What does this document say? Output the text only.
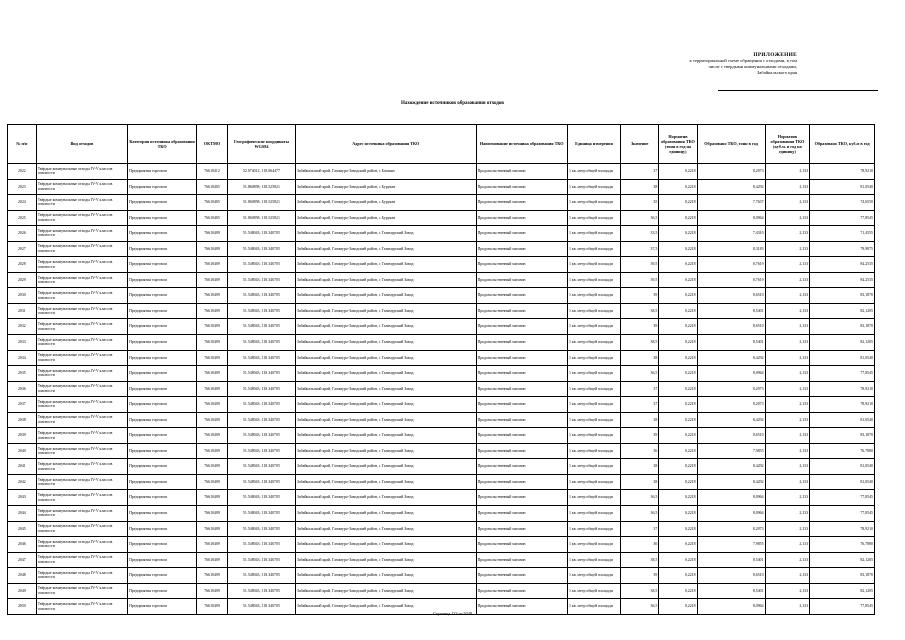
ПРИЛОЖЕНИЕ
к территориальной схеме обращения с отходами, в том
числе с твердыми коммунальными отходами,
Забайкальского края
Нахождение источников образования отходов
№ п/п	Вид отходов	Категория источника образования ТКО	ОКТМО	Географические координаты WGS84	Адрес источника образования ТКО	Наименование источника образования ТКО	Единица измерения	Значение	Норматив образования ТКО (тонн в год на единицу)	Образовано ТКО, тонн в год	Норматив образования ТКО (куб.м. в год на единицу)	Образовано ТКО, куб.м в год
2022	Твёрдые коммунальные отходы IV-V классов опасности	Предприятия торговли	76610412	52.074012; 118.064477	Забайкальский край, Газимуро-Заводский район, с Батакан	Продовольственный магазин	1 кв. метр общей площади	37	0,2218	8,2073	2,133	78,9210
2023	Твёрдые коммунальные отходы IV-V классов опасности	Предприятия торговли	76610405	51.860858; 118.525821	Забайкальский край, Газимуро-Заводский район, с Бурукан	Продовольственный магазин	1 кв. метр общей площади	38	0,2218	8,4292	2,133	81,0540
2024	Твёрдые коммунальные отходы IV-V классов опасности	Предприятия торговли	76610405	51.860858; 118.525821	Забайкальский край, Газимуро-Заводский район, с Бурукан	Продовольственный магазин	1 кв. метр общей площади	35	0,2218	7,7637	2,133	74,6550
2025	Твёрдые коммунальные отходы IV-V классов опасности	Предприятия торговли	76610405	51.860858; 118.525821	Забайкальский край, Газимуро-Заводский район, с Бурукан	Продовольственный магазин	1 кв. метр общей площади	36,5	0,2218	8,0964	2,133	77,8545
2026	Твёрдые коммунальные отходы IV-V классов опасности	Предприятия торговли	76610409	51.548043; 118.340705	Забайкальский край, Газимуро-Заводский район, с Газимурский Завод	Продовольственный магазин	1 кв. метр общей площади	33,5	0,2218	7,4310	2,133	71,4555
2027	Твёрдые коммунальные отходы IV-V классов опасности	Предприятия торговли	76610409	51.548043; 118.340705	Забайкальский край, Газимуро-Заводский район, с Газимурский Завод	Продовольственный магазин	1 кв. метр общей площади	37,5	0,2218	8,3183	2,133	79,9875
2028	Твёрдые коммунальные отходы IV-V классов опасности	Предприятия торговли	76610409	51.548043; 118.340705	Забайкальский край, Газимуро-Заводский район, с Газимурский Завод	Продовольственный магазин	1 кв. метр общей площади	39,5	0,2218	8,7619	2,133	84,2535
2029	Твёрдые коммунальные отходы IV-V классов опасности	Предприятия торговли	76610409	51.548043; 118.340705	Забайкальский край, Газимуро-Заводский район, с Газимурский Завод	Продовольственный магазин	1 кв. метр общей площади	39,5	0,2218	8,7619	2,133	84,2535
2030	Твёрдые коммунальные отходы IV-V классов опасности	Предприятия торговли	76610409	51.548043; 118.340705	Забайкальский край, Газимуро-Заводский район, с Газимурский Завод	Продовольственный магазин	1 кв. метр общей площади	39	0,2218	8,6510	2,133	83,1870
2031	Твёрдые коммунальные отходы IV-V классов опасности	Предприятия торговли	76610409	51.548043; 118.340705	Забайкальский край, Газимуро-Заводский район, с Газимурский Завод	Продовольственный магазин	1 кв. метр общей площади	38,5	0,2218	8,5401	2,133	82,1205
2032	Твёрдые коммунальные отходы IV-V классов опасности	Предприятия торговли	76610409	51.548043; 118.340705	Забайкальский край, Газимуро-Заводский район, с Газимурский Завод	Продовольственный магазин	1 кв. метр общей площади	39	0,2218	8,6510	2,133	83,1870
2033	Твёрдые коммунальные отходы IV-V классов опасности	Предприятия торговли	76610409	51.548043; 118.340705	Забайкальский край, Газимуро-Заводский район, с Газимурский Завод	Продовольственный магазин	1 кв. метр общей площади	38,5	0,2218	8,5401	2,133	82,1205
2034	Твёрдые коммунальные отходы IV-V классов опасности	Предприятия торговли	76610409	51.548043; 118.340705	Забайкальский край, Газимуро-Заводский район, с Газимурский Завод	Продовольственный магазин	1 кв. метр общей площади	38	0,2218	8,4292	2,133	81,0540
2035	Твёрдые коммунальные отходы IV-V классов опасности	Предприятия торговли	76610409	51.548043; 118.340705	Забайкальский край, Газимуро-Заводский район, с Газимурский Завод	Продовольственный магазин	1 кв. метр общей площади	36,5	0,2218	8,0964	2,133	77,8545
2036	Твёрдые коммунальные отходы IV-V классов опасности	Предприятия торговли	76610409	51.548043; 118.340705	Забайкальский край, Газимуро-Заводский район, с Газимурский Завод	Продовольственный магазин	1 кв. метр общей площади	37	0,2218	8,2073	2,133	78,9210
2037	Твёрдые коммунальные отходы IV-V классов опасности	Предприятия торговли	76610409	51.548043; 118.340705	Забайкальский край, Газимуро-Заводский район, с Газимурский Завод	Продовольственный магазин	1 кв. метр общей площади	37	0,2218	8,2073	2,133	78,9210
2038	Твёрдые коммунальные отходы IV-V классов опасности	Предприятия торговли	76610409	51.548043; 118.340705	Забайкальский край, Газимуро-Заводский район, с Газимурский Завод	Продовольственный магазин	1 кв. метр общей площади	38	0,2218	8,4292	2,133	81,0540
2039	Твёрдые коммунальные отходы IV-V классов опасности	Предприятия торговли	76610409	51.548043; 118.340705	Забайкальский край, Газимуро-Заводский район, с Газимурский Завод	Продовольственный магазин	1 кв. метр общей площади	39	0,2218	8,6510	2,133	83,1870
2040	Твёрдые коммунальные отходы IV-V классов опасности	Предприятия торговли	76610409	51.548043; 118.340705	Забайкальский край, Газимуро-Заводский район, с Газимурский Завод	Продовольственный магазин	1 кв. метр общей площади	36	0,2218	7,9855	2,133	76,7880
2041	Твёрдые коммунальные отходы IV-V классов опасности	Предприятия торговли	76610409	51.548043; 118.340705	Забайкальский край, Газимуро-Заводский район, с Газимурский Завод	Продовольственный магазин	1 кв. метр общей площади	38	0,2218	8,4292	2,133	81,0540
2042	Твёрдые коммунальные отходы IV-V классов опасности	Предприятия торговли	76610409	51.548043; 118.340705	Забайкальский край, Газимуро-Заводский район, с Газимурский Завод	Продовольственный магазин	1 кв. метр общей площади	38	0,2218	8,4292	2,133	81,0540
2043	Твёрдые коммунальные отходы IV-V классов опасности	Предприятия торговли	76610409	51.548043; 118.340705	Забайкальский край, Газимуро-Заводский район, с Газимурский Завод	Продовольственный магазин	1 кв. метр общей площади	36,5	0,2218	8,0964	2,133	77,8545
2044	Твёрдые коммунальные отходы IV-V классов опасности	Предприятия торговли	76610409	51.548043; 118.340705	Забайкальский край, Газимуро-Заводский район, с Газимурский Завод	Продовольственный магазин	1 кв. метр общей площади	36,5	0,2218	8,0964	2,133	77,8545
2045	Твёрдые коммунальные отходы IV-V классов опасности	Предприятия торговли	76610409	51.548043; 118.340705	Забайкальский край, Газимуро-Заводский район, с Газимурский Завод	Продовольственный магазин	1 кв. метр общей площади	37	0,2218	8,2073	2,133	78,9210
2046	Твёрдые коммунальные отходы IV-V классов опасности	Предприятия торговли	76610409	51.548043; 118.340705	Забайкальский край, Газимуро-Заводский район, с Газимурский Завод	Продовольственный магазин	1 кв. метр общей площади	36	0,2218	7,9855	2,133	76,7880
2047	Твёрдые коммунальные отходы IV-V классов опасности	Предприятия торговли	76610409	51.548043; 118.340705	Забайкальский край, Газимуро-Заводский район, с Газимурский Завод	Продовольственный магазин	1 кв. метр общей площади	38,5	0,2218	8,5401	2,133	82,1205
2048	Твёрдые коммунальные отходы IV-V классов опасности	Предприятия торговли	76610409	51.548043; 118.340705	Забайкальский край, Газимуро-Заводский район, с Газимурский Завод	Продовольственный магазин	1 кв. метр общей площади	39	0,2218	8,6510	2,133	83,1870
2049	Твёрдые коммунальные отходы IV-V классов опасности	Предприятия торговли	76610409	51.548043; 118.340705	Забайкальский край, Газимуро-Заводский район, с Газимурский Завод	Продовольственный магазин	1 кв. метр общей площади	38,5	0,2218	8,5401	2,133	82,1205
2050	Твёрдые коммунальные отходы IV-V классов опасности	Предприятия торговли	76610409	51.548043; 118.340705	Забайкальский край, Газимуро-Заводский район, с Газимурский Завод	Продовольственный магазин	1 кв. метр общей площади	36,5	0,2218	8,0964	2,133	77,8545
Страница 123 из 5049
